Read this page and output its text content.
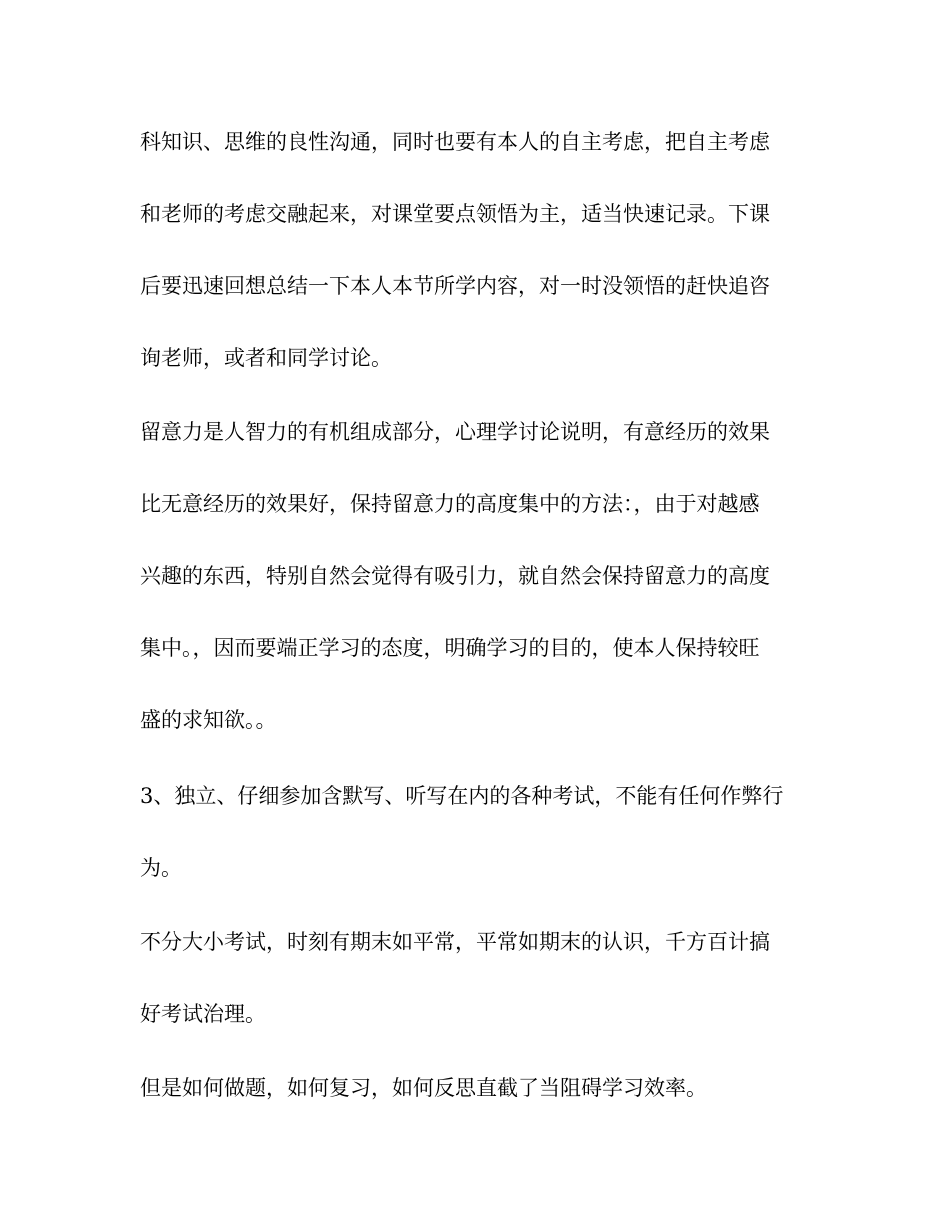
科知识、思维的良性沟通，同时也要有本人的自主考虑，把自主考虑

和老师的考虑交融起来，对课堂要点领悟为主，适当快速记录。下课

后要迅速回想总结一下本人本节所学内容，对一时没领悟的赶快追咨

询老师，或者和同学讨论。

留意力是人智力的有机组成部分，心理学讨论说明，有意经历的效果

比无意经历的效果好，保持留意力的高度集中的方法：，由于对越感

兴趣的东西，特别自然会觉得有吸引力，就自然会保持留意力的高度

集中。，因而要端正学习的态度，明确学习的目的，使本人保持较旺

盛的求知欲。。

3、独立、仔细参加含默写、听写在内的各种考试，不能有任何作弊行

为。

不分大小考试，时刻有期末如平常，平常如期末的认识，千方百计搞

好考试治理。

但是如何做题，如何复习，如何反思直截了当阻碍学习效率。
